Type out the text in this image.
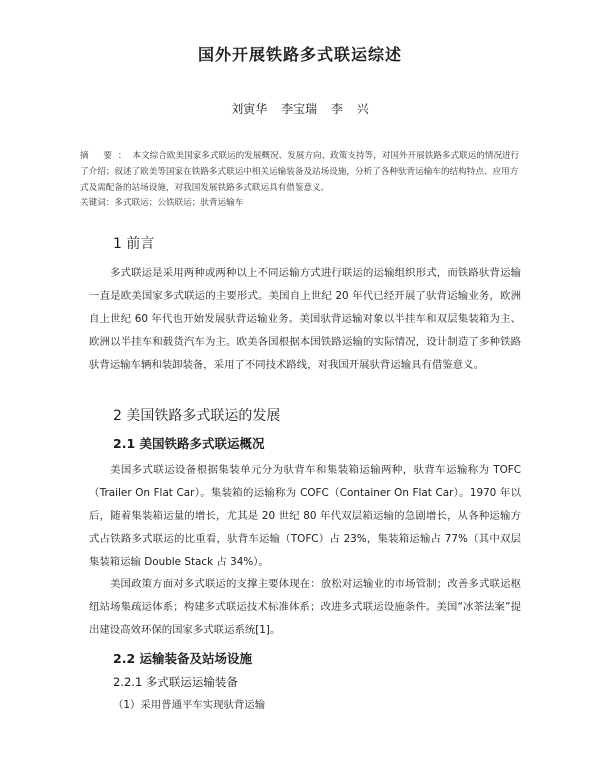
国外开展铁路多式联运综述
刘寅华 李宝瑞 李 兴
摘 要：本文综合欧美国家多式联运的发展概况、发展方向、政策支持等，对国外开展铁路多式联运的情况进行了介绍；叙述了欧美等国家在铁路多式联运中相关运输装备及站场设施，分析了各种驮背运输车的结构特点、应用方式及需配备的站场设施，对我国发展铁路多式联运具有借鉴意义。
关键词：多式联运；公铁联运；驮背运输车
1 前言
多式联运是采用两种或两种以上不同运输方式进行联运的运输组织形式，而铁路驮背运输一直是欧美国家多式联运的主要形式。美国自上世纪 20 年代已经开展了驮背运输业务，欧洲自上世纪 60 年代也开始发展驮背运输业务。美国驮背运输对象以半挂车和双层集装箱为主、欧洲以半挂车和载货汽车为主。欧美各国根据本国铁路运输的实际情况，设计制造了多种铁路驮背运输车辆和装卸装备，采用了不同技术路线，对我国开展驮背运输具有借鉴意义。
2 美国铁路多式联运的发展
2.1 美国铁路多式联运概况
美国多式联运设备根据集装单元分为驮背车和集装箱运输两种，驮背车运输称为 TOFC（Trailer On Flat Car）。集装箱的运输称为 COFC（Container On Flat Car）。1970 年以后，随着集装箱运量的增长，尤其是 20 世纪 80 年代双层箱运输的急剧增长，从各种运输方式占铁路多式联运的比重看，驮背车运输（TOFC）占 23%，集装箱运输占 77%（其中双层集装箱运输 Double Stack 占 34%）。
美国政策方面对多式联运的支撑主要体现在：放松对运输业的市场管制；改善多式联运枢纽站场集疏运体系；构建多式联运技术标准体系；改进多式联运设施条件。美国“冰茶法案”提出建设高效环保的国家多式联运系统[1]。
2.2 运输装备及站场设施
2.2.1 多式联运运输装备
（1）采用普通平车实现驮背运输
